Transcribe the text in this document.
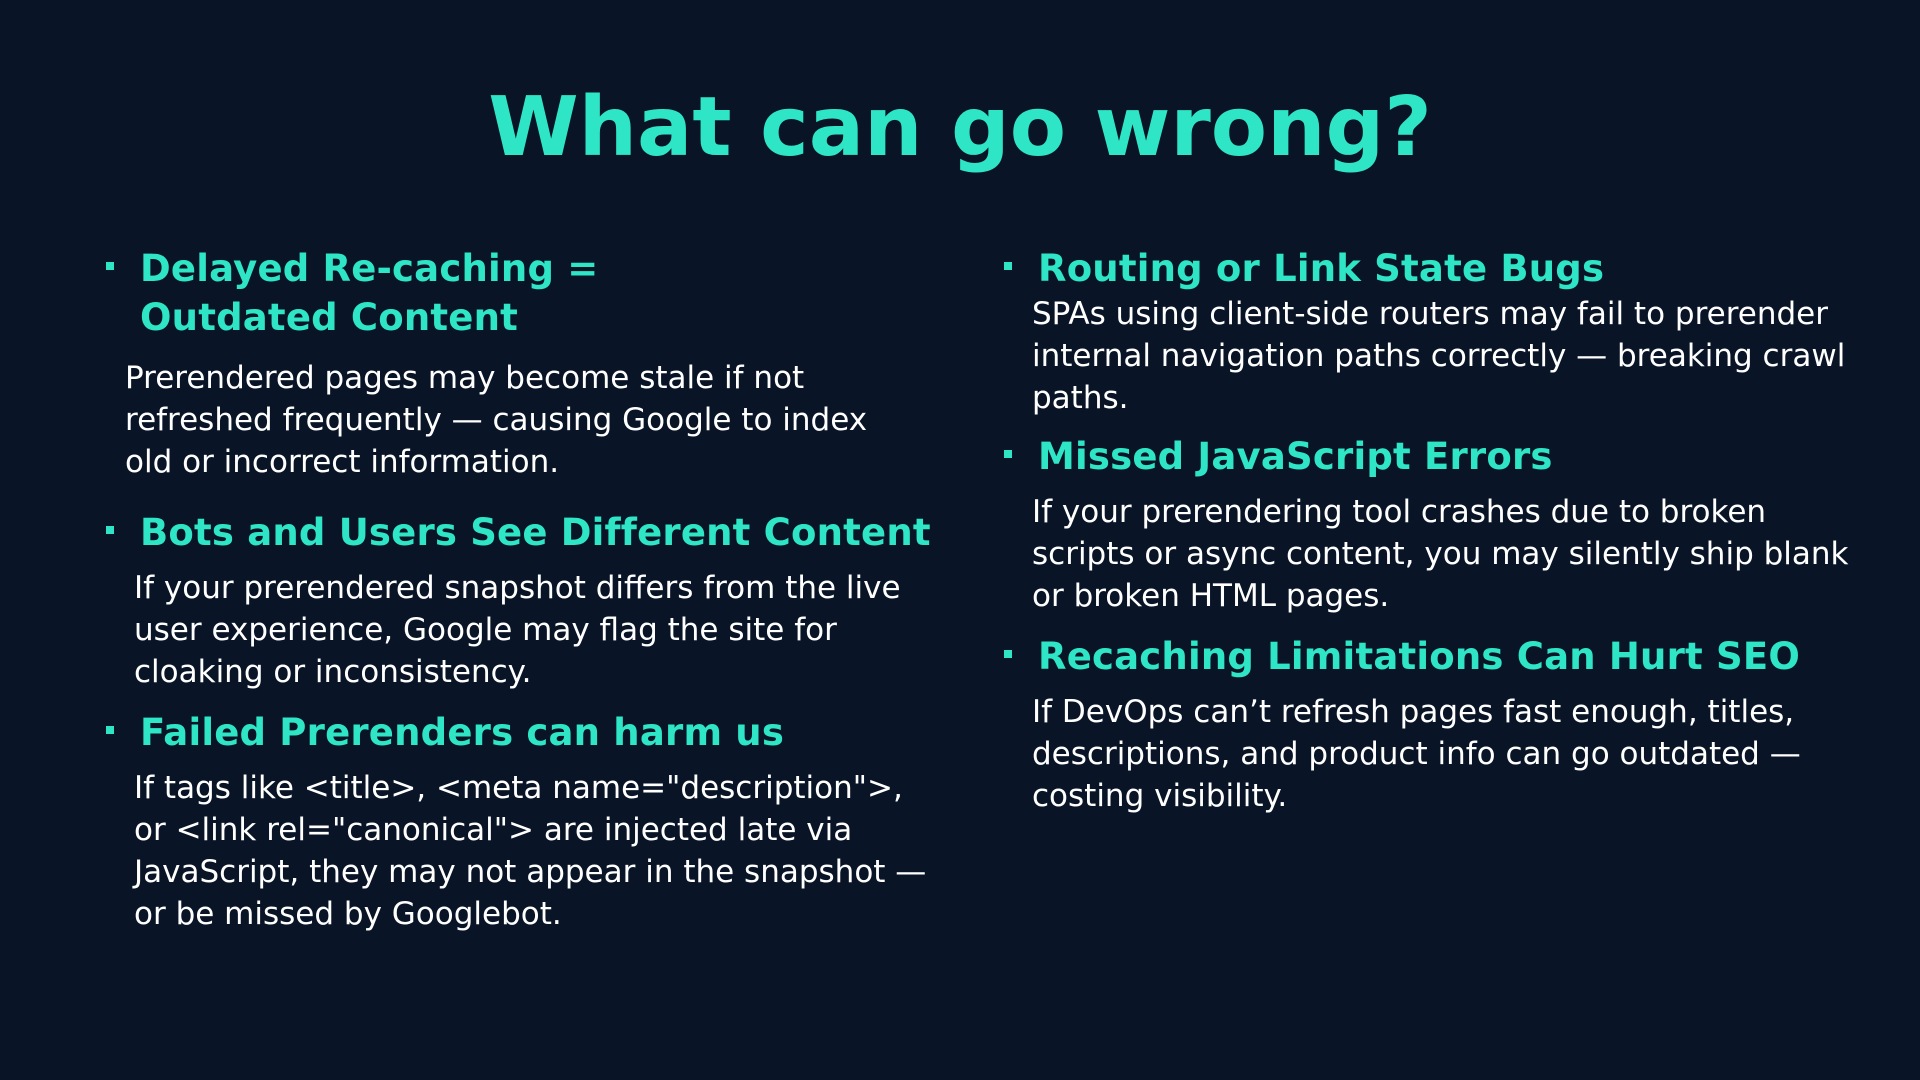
What can go wrong?

Delayed Re-caching = Outdated Content

Prerendered pages may become stale if not refreshed frequently — causing Google to index old or incorrect information.

Bots and Users See Different Content

If your prerendered snapshot differs from the live user experience, Google may flag the site for cloaking or inconsistency.

Failed Prerenders can harm us

If tags like <title>, <meta name="description">, or <link rel="canonical"> are injected late via JavaScript, they may not appear in the snapshot — or be missed by Googlebot.

Routing or Link State Bugs

SPAs using client-side routers may fail to prerender internal navigation paths correctly — breaking crawl paths.

Missed JavaScript Errors

If your prerendering tool crashes due to broken scripts or async content, you may silently ship blank or broken HTML pages.

Recaching Limitations Can Hurt SEO

If DevOps can’t refresh pages fast enough, titles, descriptions, and product info can go outdated — costing visibility.
